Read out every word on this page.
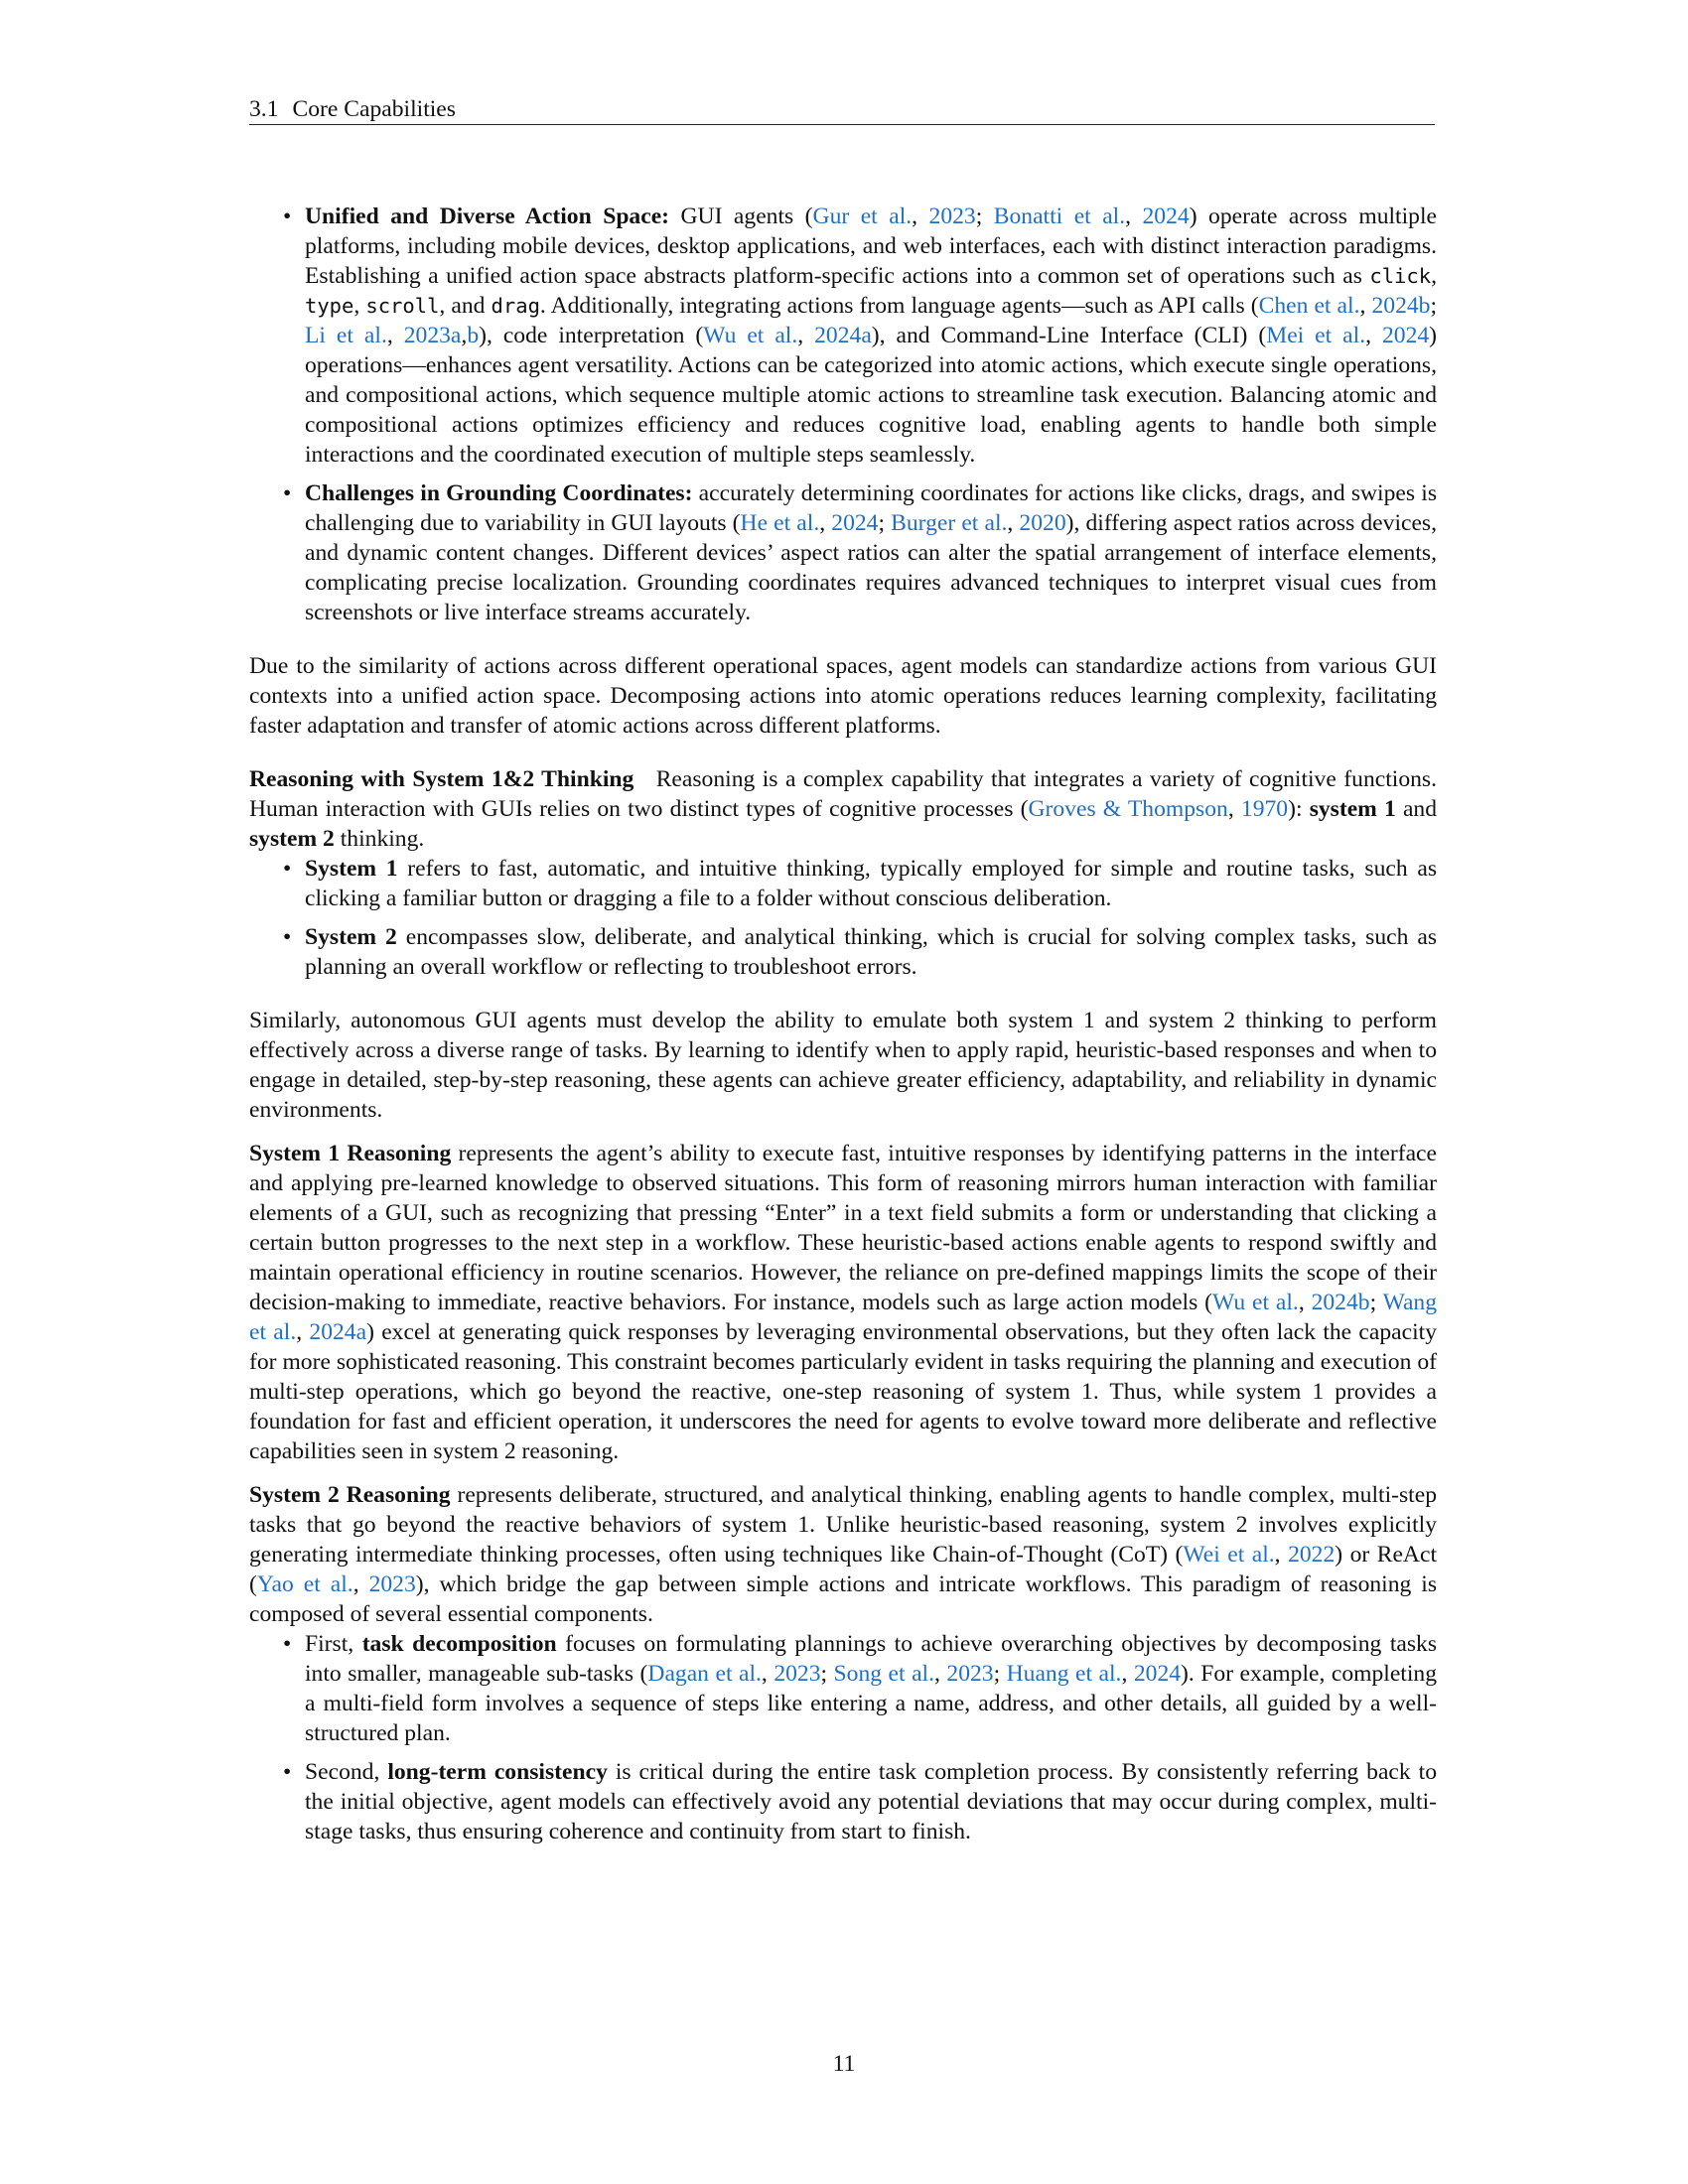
3.1 Core Capabilities
• Unified and Diverse Action Space: GUI agents (Gur et al., 2023; Bonatti et al., 2024) operate across multiple platforms, including mobile devices, desktop applications, and web interfaces, each with distinct interaction paradigms. Establishing a unified action space abstracts platform-specific actions into a common set of operations such as click, type, scroll, and drag. Additionally, integrating actions from language agents—such as API calls (Chen et al., 2024b; Li et al., 2023a,b), code interpretation (Wu et al., 2024a), and Command-Line Interface (CLI) (Mei et al., 2024) operations—enhances agent versatility. Actions can be categorized into atomic actions, which execute single operations, and compositional actions, which sequence multiple atomic actions to streamline task execution. Balancing atomic and compositional actions optimizes efficiency and reduces cognitive load, enabling agents to handle both simple interactions and the coordinated execution of multiple steps seamlessly.
• Challenges in Grounding Coordinates: accurately determining coordinates for actions like clicks, drags, and swipes is challenging due to variability in GUI layouts (He et al., 2024; Burger et al., 2020), differing aspect ratios across devices, and dynamic content changes. Different devices’ aspect ratios can alter the spatial arrangement of interface elements, complicating precise localization. Grounding coordinates requires advanced techniques to interpret visual cues from screenshots or live interface streams accurately.

Due to the similarity of actions across different operational spaces, agent models can standardize actions from various GUI contexts into a unified action space. Decomposing actions into atomic operations reduces learning complexity, facilitating faster adaptation and transfer of atomic actions across different platforms.

Reasoning with System 1&2 Thinking Reasoning is a complex capability that integrates a variety of cognitive functions. Human interaction with GUIs relies on two distinct types of cognitive processes (Groves & Thompson, 1970): system 1 and system 2 thinking.

• System 1 refers to fast, automatic, and intuitive thinking, typically employed for simple and routine tasks, such as clicking a familiar button or dragging a file to a folder without conscious deliberation.
• System 2 encompasses slow, deliberate, and analytical thinking, which is crucial for solving complex tasks, such as planning an overall workflow or reflecting to troubleshoot errors.

Similarly, autonomous GUI agents must develop the ability to emulate both system 1 and system 2 thinking to perform effectively across a diverse range of tasks. By learning to identify when to apply rapid, heuristic-based responses and when to engage in detailed, step-by-step reasoning, these agents can achieve greater efficiency, adaptability, and reliability in dynamic environments.

System 1 Reasoning represents the agent’s ability to execute fast, intuitive responses by identifying patterns in the interface and applying pre-learned knowledge to observed situations. This form of reasoning mirrors human interaction with familiar elements of a GUI, such as recognizing that pressing “Enter” in a text field submits a form or understanding that clicking a certain button progresses to the next step in a workflow. These heuristic-based actions enable agents to respond swiftly and maintain operational efficiency in routine scenarios. However, the reliance on pre-defined mappings limits the scope of their decision-making to immediate, reactive behaviors. For instance, models such as large action models (Wu et al., 2024b; Wang et al., 2024a) excel at generating quick responses by leveraging environmental observations, but they often lack the capacity for more sophisticated reasoning. This constraint becomes particularly evident in tasks requiring the planning and execution of multi-step operations, which go beyond the reactive, one-step reasoning of system 1. Thus, while system 1 provides a foundation for fast and efficient operation, it underscores the need for agents to evolve toward more deliberate and reflective capabilities seen in system 2 reasoning.

System 2 Reasoning represents deliberate, structured, and analytical thinking, enabling agents to handle complex, multi-step tasks that go beyond the reactive behaviors of system 1. Unlike heuristic-based reasoning, system 2 involves explicitly generating intermediate thinking processes, often using techniques like Chain-of-Thought (CoT) (Wei et al., 2022) or ReAct (Yao et al., 2023), which bridge the gap between simple actions and intricate workflows. This paradigm of reasoning is composed of several essential components.

• First, task decomposition focuses on formulating plannings to achieve overarching objectives by decomposing tasks into smaller, manageable sub-tasks (Dagan et al., 2023; Song et al., 2023; Huang et al., 2024). For example, completing a multi-field form involves a sequence of steps like entering a name, address, and other details, all guided by a well-structured plan.
• Second, long-term consistency is critical during the entire task completion process. By consistently referring back to the initial objective, agent models can effectively avoid any potential deviations that may occur during complex, multi-stage tasks, thus ensuring coherence and continuity from start to finish.
11
